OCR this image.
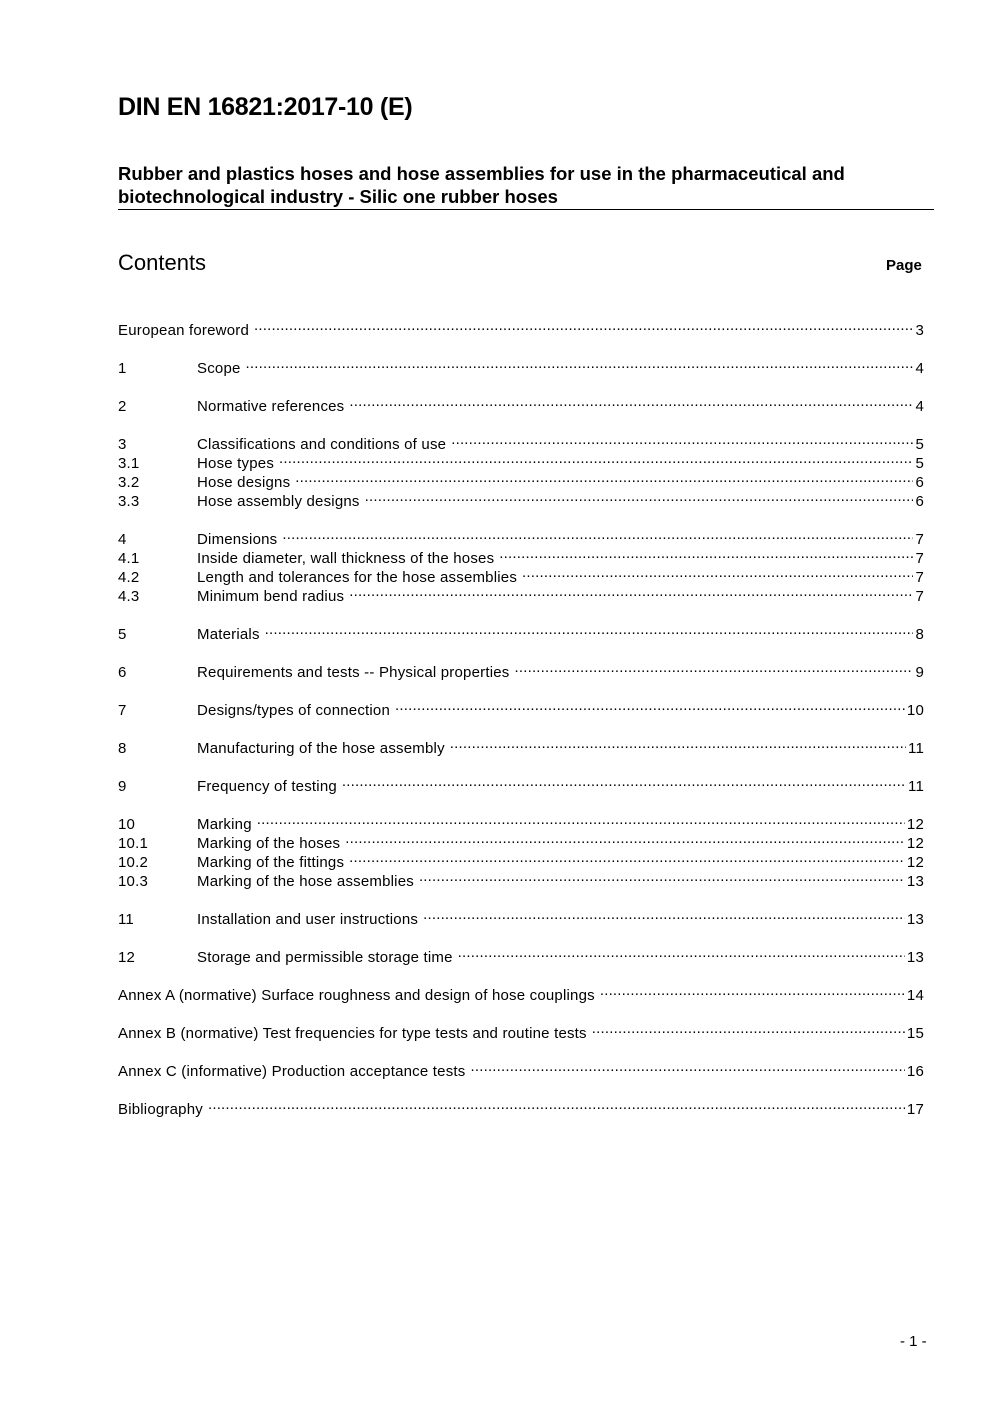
DIN EN 16821:2017-10 (E)
Rubber and plastics hoses and hose assemblies for use in the pharmaceutical and
biotechnological industry - Silic one rubber hoses
Contents	Page
European foreword .....	3
1	Scope .....	4
2	Normative references .....	4
3	Classifications and conditions of use .....	5
3.1	Hose types .....	5
3.2	Hose designs .....	6
3.3	Hose assembly designs .....	6
4	Dimensions .....	7
4.1	Inside diameter, wall thickness of the hoses .....	7
4.2	Length and tolerances for the hose assemblies .....	7
4.3	Minimum bend radius .....	7
5	Materials .....	8
6	Requirements and tests -- Physical properties .....	9
7	Designs/types of connection .....	10
8	Manufacturing of the hose assembly .....	11
9	Frequency of testing .....	11
10	Marking .....	12
10.1	Marking of the hoses .....	12
10.2	Marking of the fittings .....	12
10.3	Marking of the hose assemblies .....	13
11	Installation and user instructions .....	13
12	Storage and permissible storage time .....	13
Annex A (normative) Surface roughness and design of hose couplings .....	14
Annex B (normative) Test frequencies for type tests and routine tests .....	15
Annex C (informative) Production acceptance tests .....	16
Bibliography .....	17
- 1 -
